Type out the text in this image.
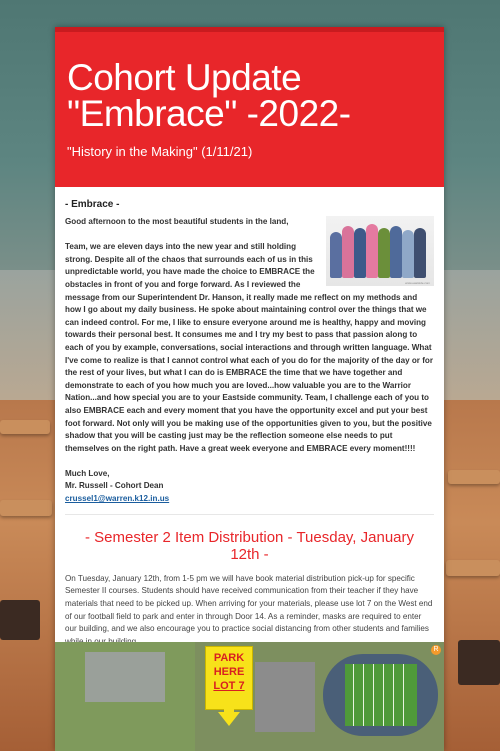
Cohort Update
"Embrace" -2022-
"History in the Making" (1/11/21)
- Embrace -
www.eastside.com

Good afternoon to the most beautiful students in the land,

Team, we are eleven days into the new year and still holding strong. Despite all of the chaos that surrounds each of us in this unpredictable world, you have made the choice to EMBRACE the obstacles in front of you and forge forward. As I reviewed the message from our Superintendent Dr. Hanson, it really made me reflect on my methods and how I go about my daily business. He spoke about maintaining control over the things that we can indeed control. For me, I like to ensure everyone around me is healthy, happy and moving towards their personal best. It consumes me and I try my best to pass that passion along to each of you by example, conversations, social interactions and through written language. What I've come to realize is that I cannot control what each of you do for the majority of the day or for the rest of your lives, but what I can do is EMBRACE the time that we have together and demonstrate to each of you how much you are loved...how valuable you are to the Warrior Nation...and how special you are to your Eastside community. Team, I challenge each of you to also EMBRACE each and every moment that you have the opportunity excel and put your best foot forward. Not only will you be making use of the opportunities given to you, but the positive shadow that you will be casting just may be the reflection someone else needs to put themselves on the right path. Have a great week everyone and EMBRACE every moment!!!!

Much Love,
Mr. Russell - Cohort Dean
crussel1@warren.k12.in.us
- Semester 2 Item Distribution - Tuesday, January 12th -
On Tuesday, January 12th, from 1-5 pm we will have book material distribution pick-up for specific Semester II courses. Students should have received communication from their teacher if they have materials that need to be picked up. When arriving for your materials, please use lot 7 on the West end of our football field to park and enter in through Door 14. As a reminder, masks are required to enter our building, and we also encourage you to practice social distancing from other students and families
PARK
HERE
LOT 7
R
